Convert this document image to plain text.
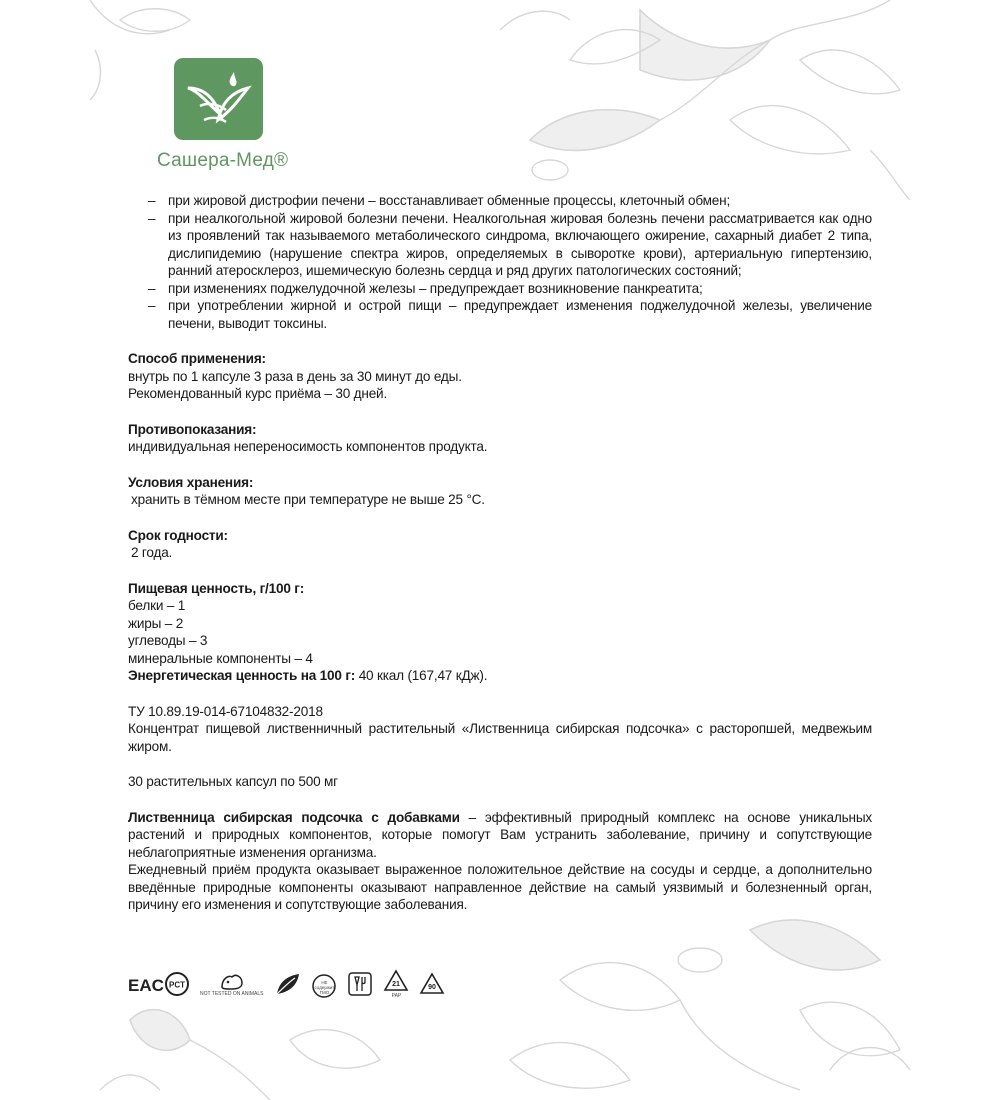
Сашера-Мед®
– при жировой дистрофии печени – восстанавливает обменные процессы, клеточный обмен;
– при неалкогольной жировой болезни печени. Неалкогольная жировая болезнь печени рассматривается как одно из проявлений так называемого метаболического синдрома, включающего ожирение, сахарный диабет 2 типа, дислипидемию (нарушение спектра жиров, определяемых в сыворотке крови), артериальную гипертензию, ранний атеросклероз, ишемическую болезнь сердца и ряд других патологических состояний;
– при изменениях поджелудочной железы – предупреждает возникновение панкреатита;
– при употреблении жирной и острой пищи – предупреждает изменения поджелудочной железы, увеличение печени, выводит токсины.
Способ применения:

внутрь по 1 капсуле 3 раза в день за 30 минут до еды.

Рекомендованный курс приёма – 30 дней.

Противопоказания:

индивидуальная непереносимость компонентов продукта.

Условия хранения:

хранить в тёмном месте при температуре не выше 25 °С.

Срок годности:

2 года.

Пищевая ценность, г/100 г:

белки – 1

жиры – 2

углеводы – 3

минеральные компоненты – 4

Энергетическая ценность на 100 г: 40 ккал (167,47 кДж).

ТУ 10.89.19-014-67104832-2018

Концентрат пищевой лиственничный растительный «Лиственница сибирская подсочка» с расторопшей, медвежьим жиром.

30 растительных капсул по 500 мг

Лиственница сибирская подсочка с добавками – эффективный природный комплекс на основе уникальных растений и природных компонентов, которые помогут Вам устранить заболевание, причину и сопутствующие неблагоприятные изменения организма.

Ежедневный приём продукта оказывает выраженное положительное действие на сосуды и сердце, а дополнительно введённые природные компоненты оказывают направленное действие на самый уязвимый и болезненный орган, причину его изменения и сопутствующие заболевания.

EAC PCT
NOT TESTED ON ANIMALS
НЕ содержит ГМО
21
PAP
90
